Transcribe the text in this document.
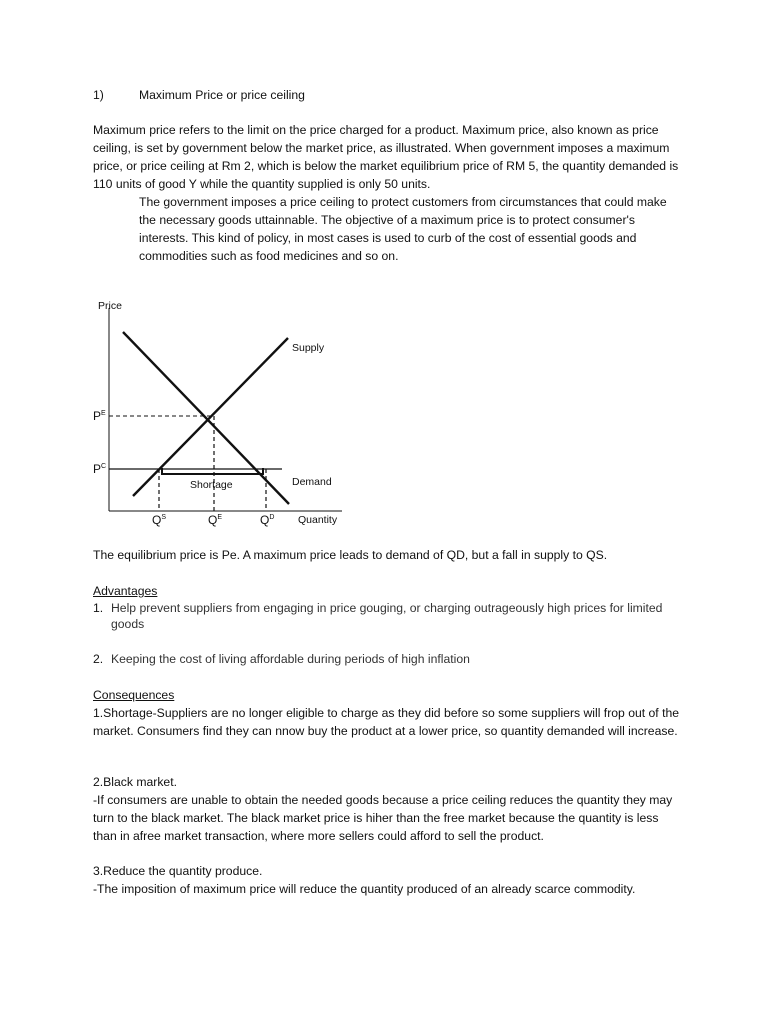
1)	Maximum Price or price ceiling

Maximum price refers to the limit on the price charged for a product. Maximum price, also known as price ceiling, is set by government below the market price, as illustrated. When government imposes a maximum price, or price ceiling at Rm 2, which is below the market equilibrium price of RM 5, the quantity demanded is 110 units of good Y while the quantity supplied is only 50 units.
The government imposes a price ceiling to protect customers from circumstances that could make the necessary goods uttainnable. The objective of a maximum price is to protect consumer's interests. This kind of policy, in most cases is used to curb of the cost of essential goods and commodities such as food medicines and so on.
Price
Quantity
Supply
Demand
Shortage
$P^E$
$P^C$
$Q^S$	$Q^E$	$Q^D$

The equilibrium price is Pe. A maximum price leads to demand of QD, but a fall in supply to QS.

Advantages

1. Help prevent suppliers from engaging in price gouging, or charging outrageously high prices for limited goods
2. Keeping the cost of living affordable during periods of high inflation

Consequences

1.Shortage-Suppliers are no longer eligible to charge as they did before so some suppliers will frop out of the market. Consumers find they can nnow buy the product at a lower price, so quantity demanded will increase.

2.Black market.
-If consumers are unable to obtain the needed goods because a price ceiling reduces the quantity they may turn to the black market. The black market price is hiher than the free market because the quantity is less than in afree market transaction, where more sellers could afford to sell the product.
3.Reduce the quantity produce.
-The imposition of maximum price will reduce the quantity produced of an already scarce commodity.
